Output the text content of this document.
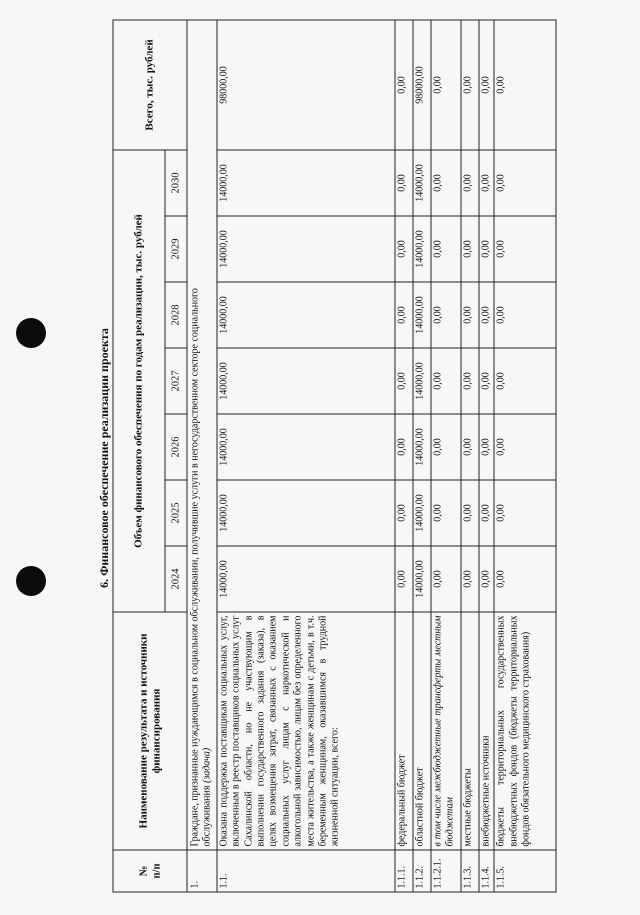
6. Финансовое обеспечение реализации проекта
№
п/п	Наименование результата и источники финансирования	Объем финансового обеспечения по годам реализации, тыс. рублей							Всего, тыс. рублей
		2024	2025	2026	2027	2028	2029	2030	
1.	Граждане, признанные нуждающимся в социальном обслуживании, получившие услуги в негосударственном секторе социального
обслуживания (задача)								
1.1.	Оказана поддержка поставщикам социальных услуг, включенным в реестр поставщиков социальных услуг Сахалинской области, но не участвующим в выполнении государственного задания (заказа), в целях возмещения затрат, связанных с оказанием социальных услуг лицам с наркотической и алкогольной зависимостью, лицам без определенного места жительства, а также женщинам с детьми, в т.ч. беременным женщинам, оказавшимся в трудной жизненной ситуации, всего:	14000,00	14000,00	14000,00	14000,00	14000,00	14000,00	14000,00	98000,00
1.1.1.	федеральный бюджет	0,00	0,00	0,00	0,00	0,00	0,00	0,00	0,00
1.1.2.	областной бюджет	14000,00	14000,00	14000,00	14000,00	14000,00	14000,00	14000,00	98000,00
1.1.2.1.	в том числе межбюджетные трансферты местным бюджетам	0,00	0,00	0,00	0,00	0,00	0,00	0,00	0,00
1.1.3.	местные бюджеты	0,00	0,00	0,00	0,00	0,00	0,00	0,00	0,00
1.1.4.	внебюджетные источники	0,00	0,00	0,00	0,00	0,00	0,00	0,00	0,00
1.1.5.	бюджеты территориальных государственных внебюджетных фондов (бюджеты территориальных фондов обязательного медицинского страхования)	0,00	0,00	0,00	0,00	0,00	0,00	0,00	0,00
